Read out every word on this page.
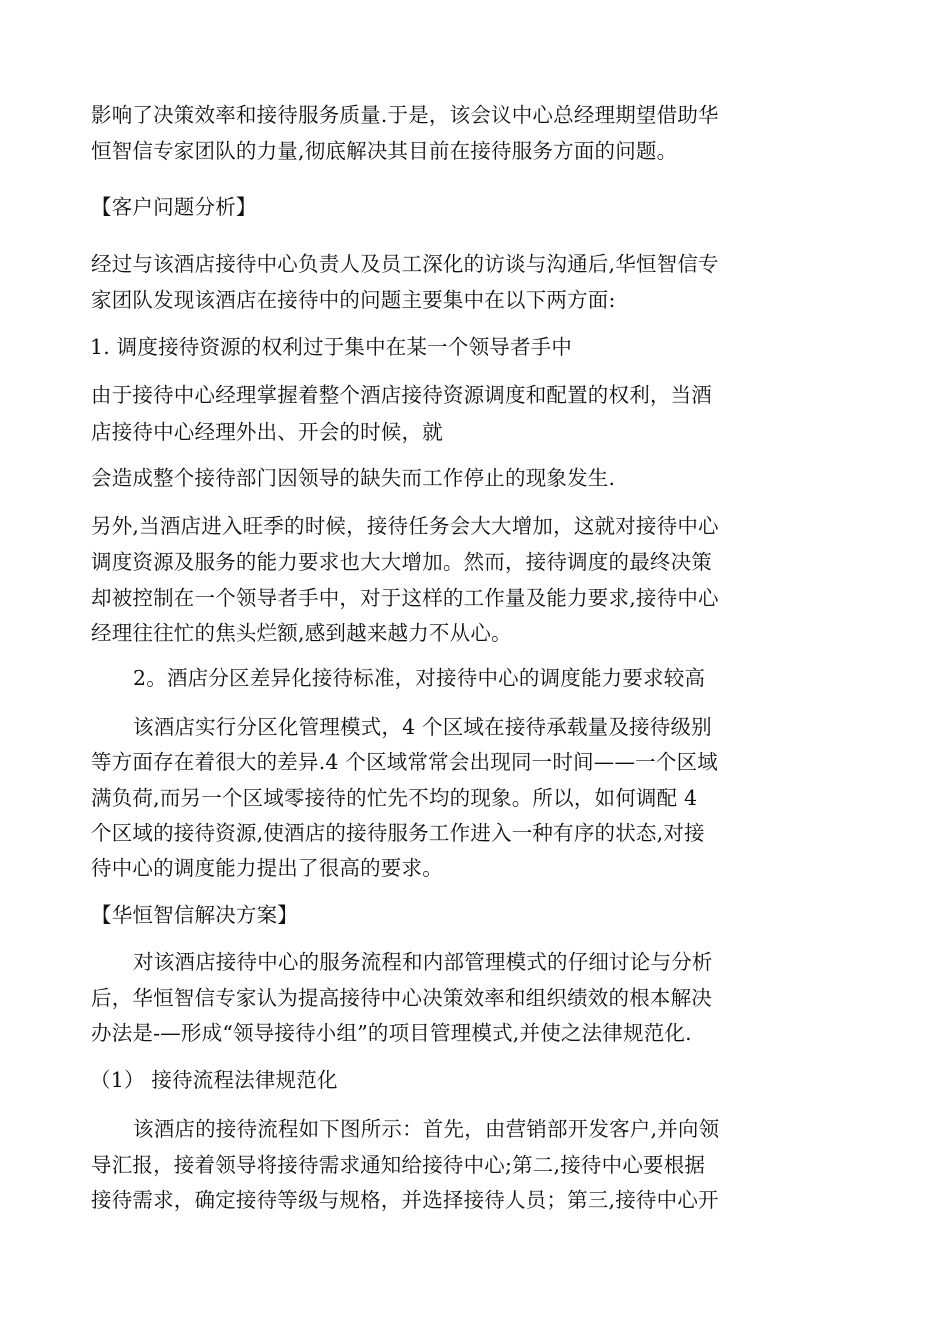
影响了决策效率和接待服务质量.于是，该会议中心总经理期望借助华
恒智信专家团队的力量,彻底解决其目前在接待服务方面的问题。
【客户问题分析】
经过与该酒店接待中心负责人及员工深化的访谈与沟通后,华恒智信专
家团队发现该酒店在接待中的问题主要集中在以下两方面:
1. 调度接待资源的权利过于集中在某一个领导者手中
由于接待中心经理掌握着整个酒店接待资源调度和配置的权利，当酒
店接待中心经理外出、开会的时候，就
会造成整个接待部门因领导的缺失而工作停止的现象发生.
另外,当酒店进入旺季的时候，接待任务会大大增加，这就对接待中心
调度资源及服务的能力要求也大大增加。然而，接待调度的最终决策
却被控制在一个领导者手中，对于这样的工作量及能力要求,接待中心
经理往往忙的焦头烂额,感到越来越力不从心。
2。酒店分区差异化接待标准，对接待中心的调度能力要求较高
该酒店实行分区化管理模式，4 个区域在接待承载量及接待级别
等方面存在着很大的差异.4 个区域常常会出现同一时间——一个区域
满负荷,而另一个区域零接待的忙先不均的现象。所以，如何调配 4
个区域的接待资源,使酒店的接待服务工作进入一种有序的状态,对接
待中心的调度能力提出了很高的要求。
【华恒智信解决方案】
对该酒店接待中心的服务流程和内部管理模式的仔细讨论与分析
后，华恒智信专家认为提高接待中心决策效率和组织绩效的根本解决
办法是-—形成“领导接待小组”的项目管理模式,并使之法律规范化.
（1） 接待流程法律规范化
该酒店的接待流程如下图所示：首先，由营销部开发客户,并向领
导汇报，接着领导将接待需求通知给接待中心;第二,接待中心要根据
接待需求，确定接待等级与规格，并选择接待人员；第三,接待中心开
